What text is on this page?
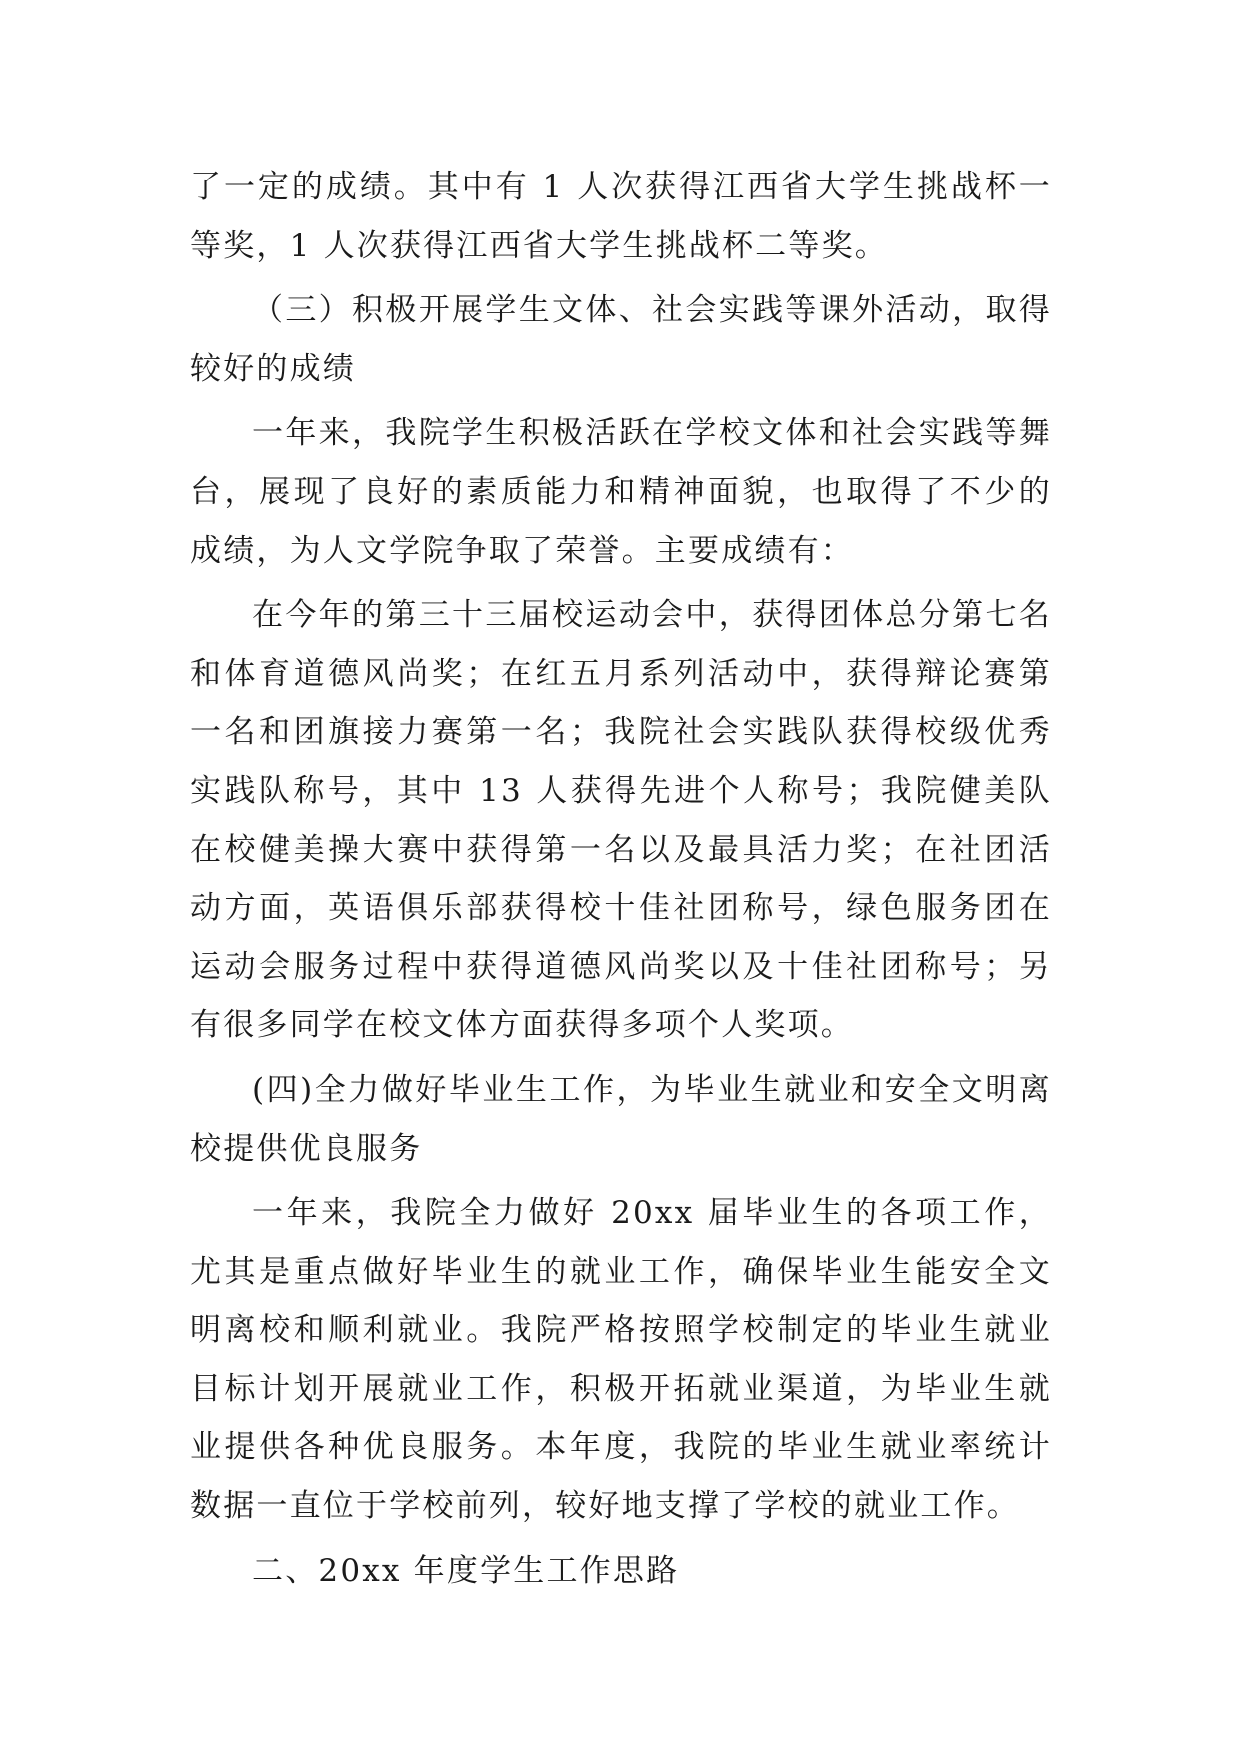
了一定的成绩。其中有 1 人次获得江西省大学生挑战杯一等奖，1 人次获得江西省大学生挑战杯二等奖。

（三）积极开展学生文体、社会实践等课外活动，取得较好的成绩

一年来，我院学生积极活跃在学校文体和社会实践等舞台，展现了良好的素质能力和精神面貌，也取得了不少的成绩，为人文学院争取了荣誉。主要成绩有：

在今年的第三十三届校运动会中，获得团体总分第七名和体育道德风尚奖；在红五月系列活动中，获得辩论赛第一名和团旗接力赛第一名；我院社会实践队获得校级优秀实践队称号，其中 13 人获得先进个人称号；我院健美队在校健美操大赛中获得第一名以及最具活力奖；在社团活动方面，英语俱乐部获得校十佳社团称号，绿色服务团在运动会服务过程中获得道德风尚奖以及十佳社团称号；另有很多同学在校文体方面获得多项个人奖项。

(四)全力做好毕业生工作，为毕业生就业和安全文明离校提供优良服务

一年来，我院全力做好 20xx 届毕业生的各项工作，尤其是重点做好毕业生的就业工作，确保毕业生能安全文明离校和顺利就业。我院严格按照学校制定的毕业生就业目标计划开展就业工作，积极开拓就业渠道，为毕业生就业提供各种优良服务。本年度，我院的毕业生就业率统计数据一直位于学校前列，较好地支撑了学校的就业工作。

二、20xx 年度学生工作思路
